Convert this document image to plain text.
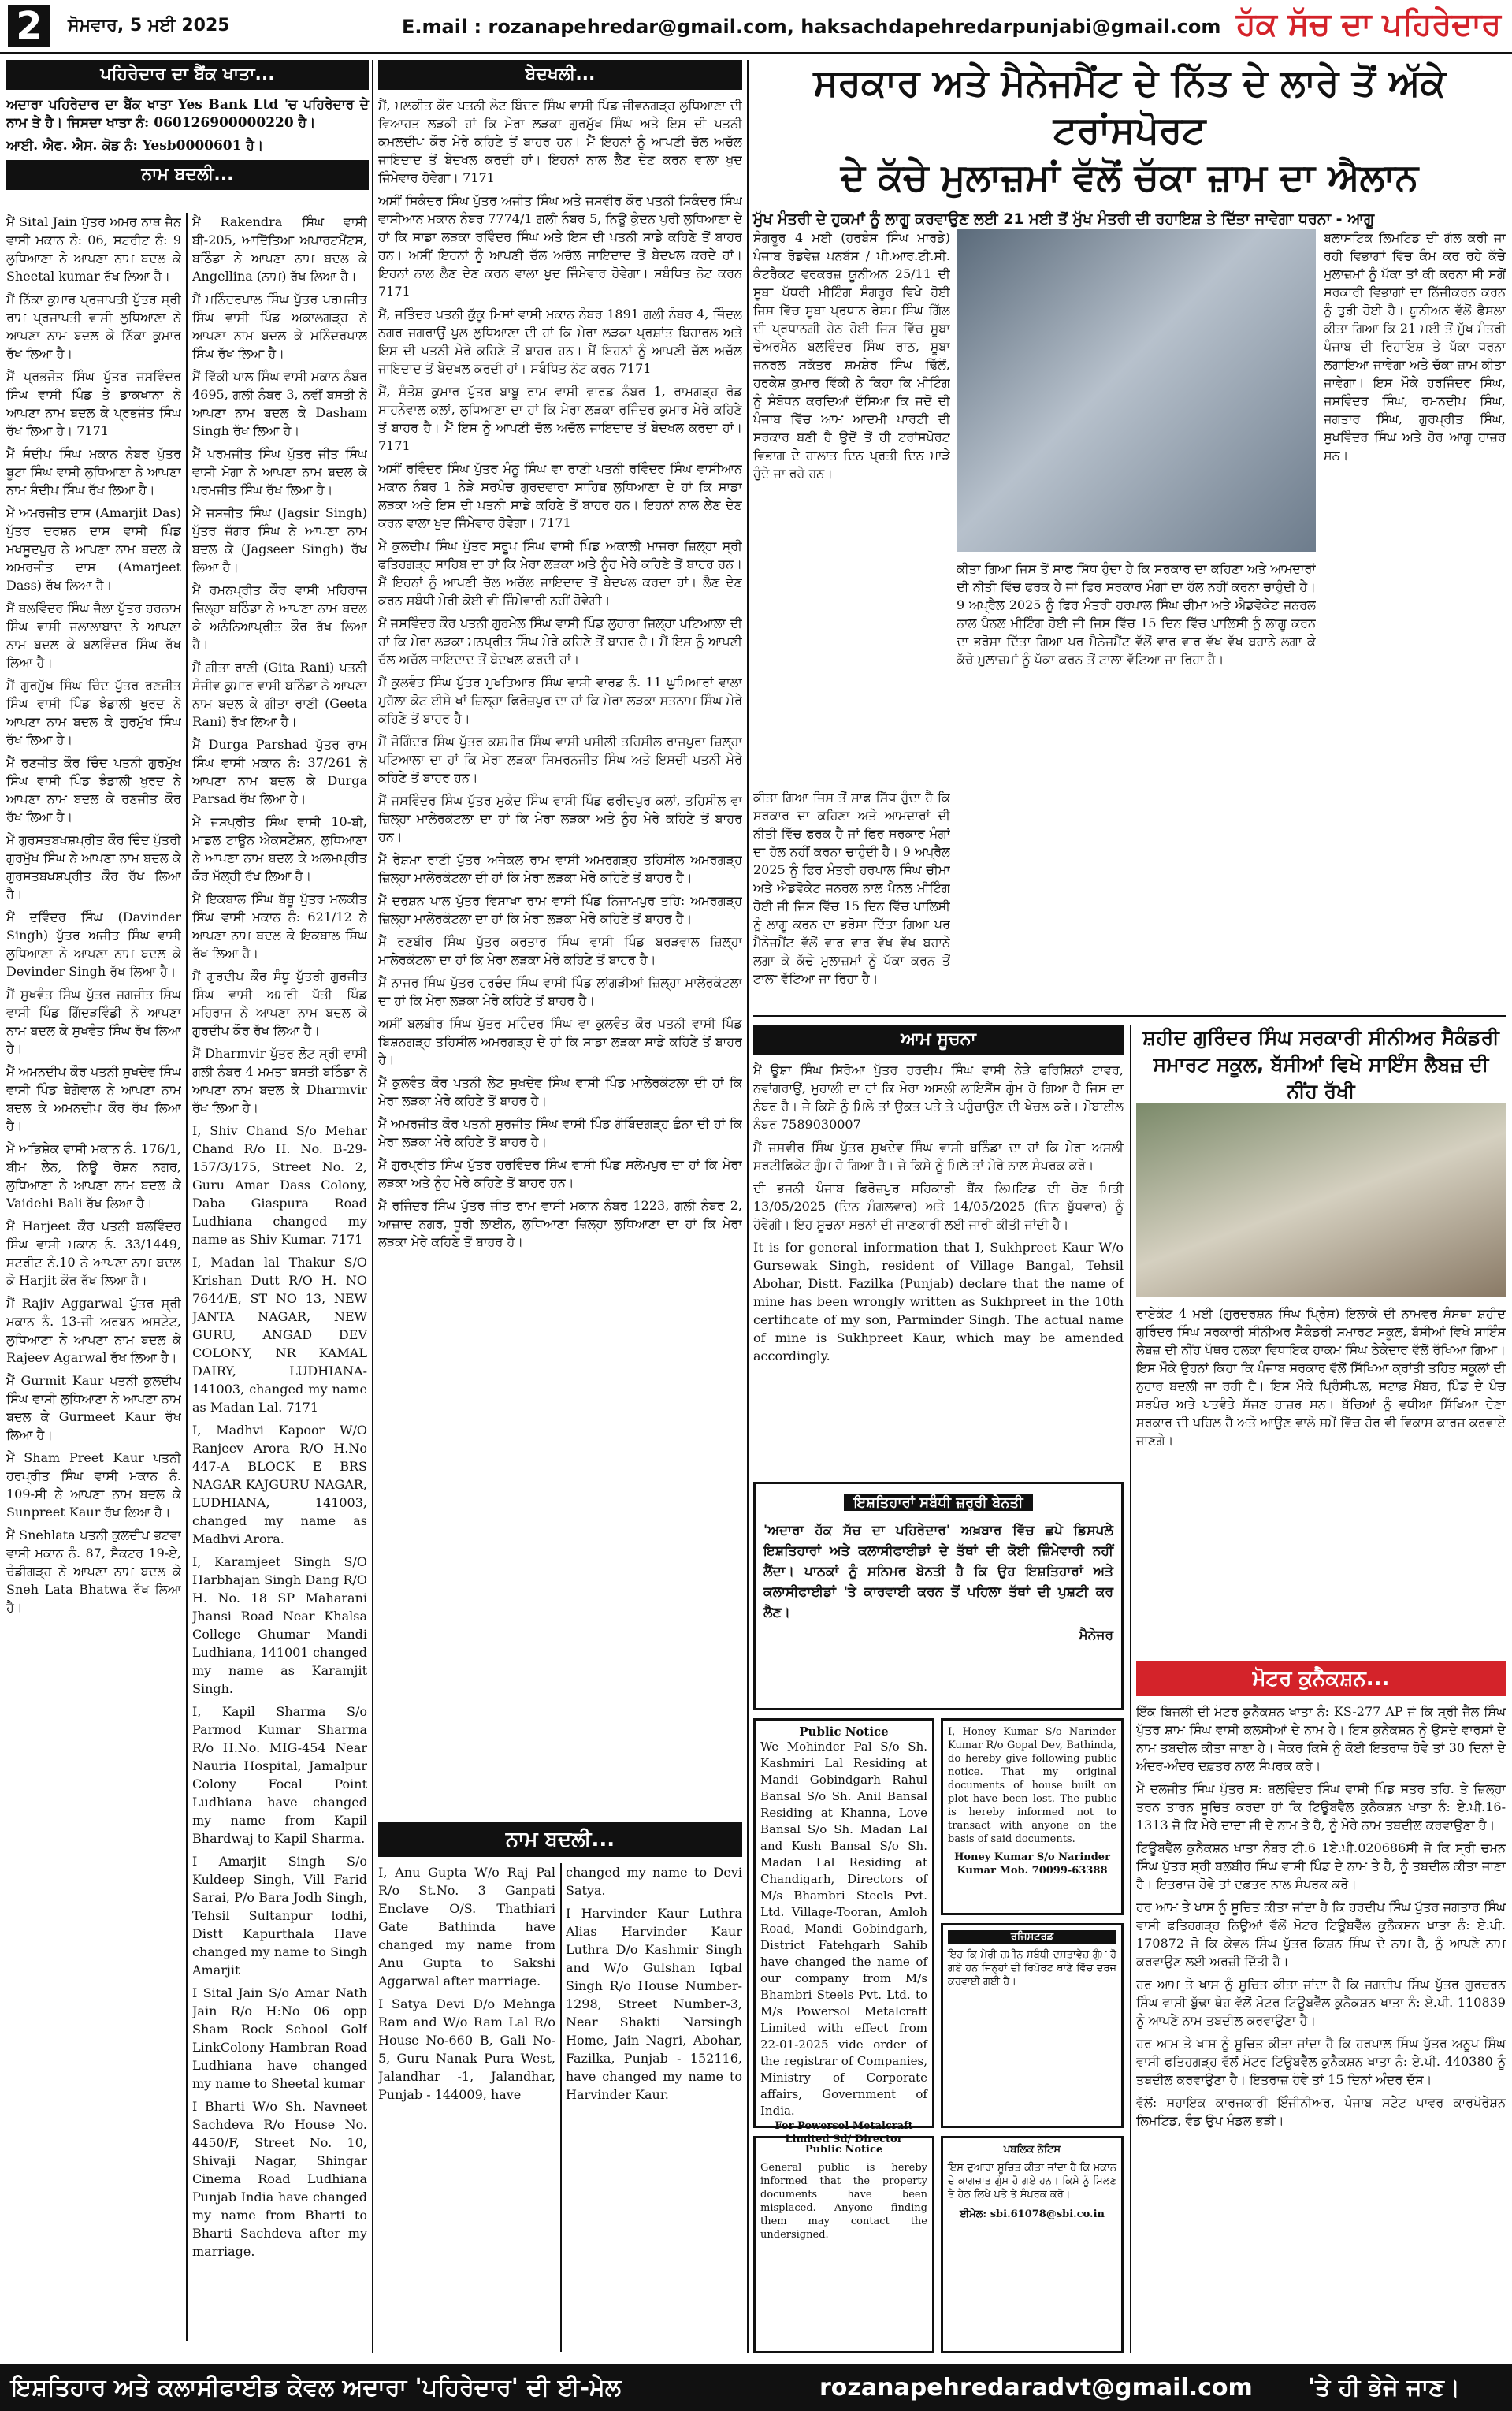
2	ਸੋਮਵਾਰ, 5 ਮਈ 2025	E.mail : rozanapehredar@gmail.com, haksachdapehredarpunjabi@gmail.com ਹੱਕ ਸੱਚ ਦਾ ਪਹਿਰੇਦਾਰ
ਪਹਿਰੇਦਾਰ ਦਾ ਬੈਂਕ ਖਾਤਾ...
ਅਦਾਰਾ ਪਹਿਰੇਦਾਰ ਦਾ ਬੈਂਕ ਖਾਤਾ Yes Bank Ltd 'ਚ ਪਹਿਰੇਦਾਰ ਦੇ ਨਾਮ ਤੇ ਹੈ। ਜਿਸਦਾ ਖਾਤਾ ਨੰ: 060126900000220 ਹੈ।
ਆਈ. ਐਫ. ਐਸ. ਕੋਡ ਨੰ: Yesb0000601 ਹੈ।
ਨਾਮ ਬਦਲੀ...
ਮੈਂ Sital Jain ਪੁੱਤਰ ਅਮਰ ਨਾਥ ਜੈਨ ਵਾਸੀ ਮਕਾਨ ਨੰ: 06, ਸਟਰੀਟ ਨੰ: 9 ਲੁਧਿਆਣਾ ਨੇ ਆਪਣਾ ਨਾਮ ਬਦਲ ਕੇ Sheetal kumar ਰੱਖ ਲਿਆ ਹੈ।
ਮੈਂ ਨਿੱਕਾ ਕੁਮਾਰ ਪ੍ਰਜਾਪਤੀ ਪੁੱਤਰ ਸ੍ਰੀ ਰਾਮ ਪ੍ਰਜਾਪਤੀ ਵਾਸੀ ਲੁਧਿਆਣਾ ਨੇ ਆਪਣਾ ਨਾਮ ਬਦਲ ਕੇ ਨਿੱਕਾ ਕੁਮਾਰ ਰੱਖ ਲਿਆ ਹੈ।
ਮੈਂ ਪ੍ਰਭਜੋਤ ਸਿੰਘ ਪੁੱਤਰ ਜਸਵਿੰਦਰ ਸਿੰਘ ਵਾਸੀ ਪਿੰਡ ਤੇ ਡਾਕਖਾਨਾ ਨੇ ਆਪਣਾ ਨਾਮ ਬਦਲ ਕੇ ਪ੍ਰਭਜੋਤ ਸਿੰਘ ਰੱਖ ਲਿਆ ਹੈ। 7171
ਮੈਂ ਸੰਦੀਪ ਸਿੰਘ ਮਕਾਨ ਨੰਬਰ ਪੁੱਤਰ ਬੂਟਾ ਸਿੰਘ ਵਾਸੀ ਲੁਧਿਆਣਾ ਨੇ ਆਪਣਾ ਨਾਮ ਸੰਦੀਪ ਸਿੰਘ ਰੱਖ ਲਿਆ ਹੈ।
ਮੈਂ ਅਮਰਜੀਤ ਦਾਸ (Amarjit Das) ਪੁੱਤਰ ਦਰਸ਼ਨ ਦਾਸ ਵਾਸੀ ਪਿੰਡ ਮਖਸੂਦਪੁਰ ਨੇ ਆਪਣਾ ਨਾਮ ਬਦਲ ਕੇ ਅਮਰਜੀਤ ਦਾਸ (Amarjeet Dass) ਰੱਖ ਲਿਆ ਹੈ।
ਮੈਂ ਬਲਵਿੰਦਰ ਸਿੰਘ ਜੈਲਾ ਪੁੱਤਰ ਹਰਨਾਮ ਸਿੰਘ ਵਾਸੀ ਜਲਾਲਾਬਾਦ ਨੇ ਆਪਣਾ ਨਾਮ ਬਦਲ ਕੇ ਬਲਵਿੰਦਰ ਸਿੰਘ ਰੱਖ ਲਿਆ ਹੈ।
ਮੈਂ ਗੁਰਮੁੱਖ ਸਿੰਘ ਚਿੰਦ ਪੁੱਤਰ ਰਣਜੀਤ ਸਿੰਘ ਵਾਸੀ ਪਿੰਡ ਝੰਡਾਲੀ ਖੁਰਦ ਨੇ ਆਪਣਾ ਨਾਮ ਬਦਲ ਕੇ ਗੁਰਮੁੱਖ ਸਿੰਘ ਰੱਖ ਲਿਆ ਹੈ।
ਮੈਂ ਰਣਜੀਤ ਕੌਰ ਚਿੰਦ ਪਤਨੀ ਗੁਰਮੁੱਖ ਸਿੰਘ ਵਾਸੀ ਪਿੰਡ ਝੰਡਾਲੀ ਖੁਰਦ ਨੇ ਆਪਣਾ ਨਾਮ ਬਦਲ ਕੇ ਰਣਜੀਤ ਕੌਰ ਰੱਖ ਲਿਆ ਹੈ।
ਮੈਂ ਗੁਰਸਤਬਖਸ਼ਪ੍ਰੀਤ ਕੌਰ ਚਿੰਦ ਪੁੱਤਰੀ ਗੁਰਮੁੱਖ ਸਿੰਘ ਨੇ ਆਪਣਾ ਨਾਮ ਬਦਲ ਕੇ ਗੁਰਸਤਬਖਸ਼ਪ੍ਰੀਤ ਕੌਰ ਰੱਖ ਲਿਆ ਹੈ।
ਮੈਂ ਦਵਿੰਦਰ ਸਿੰਘ (Davinder Singh) ਪੁੱਤਰ ਅਜੀਤ ਸਿੰਘ ਵਾਸੀ ਲੁਧਿਆਣਾ ਨੇ ਆਪਣਾ ਨਾਮ ਬਦਲ ਕੇ Devinder Singh ਰੱਖ ਲਿਆ ਹੈ।
ਮੈਂ ਸੁਖਵੰਤ ਸਿੰਘ ਪੁੱਤਰ ਜਗਜੀਤ ਸਿੰਘ ਵਾਸੀ ਪਿੰਡ ਗਿੱਦੜਵਿੰਡੀ ਨੇ ਆਪਣਾ ਨਾਮ ਬਦਲ ਕੇ ਸੁਖਵੰਤ ਸਿੰਘ ਰੱਖ ਲਿਆ ਹੈ।
ਮੈਂ ਅਮਨਦੀਪ ਕੌਰ ਪਤਨੀ ਸੁਖਦੇਵ ਸਿੰਘ ਵਾਸੀ ਪਿੰਡ ਬੇਗੋਵਾਲ ਨੇ ਆਪਣਾ ਨਾਮ ਬਦਲ ਕੇ ਅਮਨਦੀਪ ਕੌਰ ਰੱਖ ਲਿਆ ਹੈ।
ਮੈਂ ਅਭਿਸ਼ੇਕ ਵਾਸੀ ਮਕਾਨ ਨੰ. 176/1, ਬੀਮ ਲੇਨ, ਨਿਊ ਰੋਸ਼ਨ ਨਗਰ, ਲੁਧਿਆਣਾ ਨੇ ਆਪਣਾ ਨਾਮ ਬਦਲ ਕੇ Vaidehi Bali ਰੱਖ ਲਿਆ ਹੈ।
ਮੈਂ Harjeet ਕੌਰ ਪਤਨੀ ਬਲਵਿੰਦਰ ਸਿੰਘ ਵਾਸੀ ਮਕਾਨ ਨੰ. 33/1449, ਸਟਰੀਟ ਨੰ.10 ਨੇ ਆਪਣਾ ਨਾਮ ਬਦਲ ਕੇ Harjit ਕੌਰ ਰੱਖ ਲਿਆ ਹੈ।
ਮੈਂ Rajiv Aggarwal ਪੁੱਤਰ ਸ੍ਰੀ ਮਕਾਨ ਨੰ. 13-ਜੀ ਅਰਬਨ ਅਸਟੇਟ, ਲੁਧਿਆਣਾ ਨੇ ਆਪਣਾ ਨਾਮ ਬਦਲ ਕੇ Rajeev Agarwal ਰੱਖ ਲਿਆ ਹੈ।
ਮੈਂ Gurmit Kaur ਪਤਨੀ ਕੁਲਦੀਪ ਸਿੰਘ ਵਾਸੀ ਲੁਧਿਆਣਾ ਨੇ ਆਪਣਾ ਨਾਮ ਬਦਲ ਕੇ Gurmeet Kaur ਰੱਖ ਲਿਆ ਹੈ।
ਮੈਂ Sham Preet Kaur ਪਤਨੀ ਹਰਪ੍ਰੀਤ ਸਿੰਘ ਵਾਸੀ ਮਕਾਨ ਨੰ. 109-ਸੀ ਨੇ ਆਪਣਾ ਨਾਮ ਬਦਲ ਕੇ Sunpreet Kaur ਰੱਖ ਲਿਆ ਹੈ।
ਮੈਂ Snehlata ਪਤਨੀ ਕੁਲਦੀਪ ਭਟਵਾ ਵਾਸੀ ਮਕਾਨ ਨੰ. 87, ਸੈਕਟਰ 19-ਏ, ਚੰਡੀਗੜ੍ਹ ਨੇ ਆਪਣਾ ਨਾਮ ਬਦਲ ਕੇ Sneh Lata Bhatwa ਰੱਖ ਲਿਆ ਹੈ।
ਮੈਂ Rakendra ਸਿੰਘ ਵਾਸੀ ਬੀ-205, ਆਦਿੱਤਿਆ ਅਪਾਰਟਮੈਂਟਸ, ਬਠਿੰਡਾ ਨੇ ਆਪਣਾ ਨਾਮ ਬਦਲ ਕੇ Angellina (ਨਾਮ) ਰੱਖ ਲਿਆ ਹੈ।
ਮੈਂ ਮਨਿੰਦਰਪਾਲ ਸਿੰਘ ਪੁੱਤਰ ਪਰਮਜੀਤ ਸਿੰਘ ਵਾਸੀ ਪਿੰਡ ਅਕਾਲਗੜ੍ਹ ਨੇ ਆਪਣਾ ਨਾਮ ਬਦਲ ਕੇ ਮਨਿੰਦਰਪਾਲ ਸਿੰਘ ਰੱਖ ਲਿਆ ਹੈ।
ਮੈਂ ਵਿੱਕੀ ਪਾਲ ਸਿੰਘ ਵਾਸੀ ਮਕਾਨ ਨੰਬਰ 4695, ਗਲੀ ਨੰਬਰ 3, ਨਵੀਂ ਬਸਤੀ ਨੇ ਆਪਣਾ ਨਾਮ ਬਦਲ ਕੇ Dasham Singh ਰੱਖ ਲਿਆ ਹੈ।
ਮੈਂ ਪਰਮਜੀਤ ਸਿੰਘ ਪੁੱਤਰ ਜੀਤ ਸਿੰਘ ਵਾਸੀ ਮੋਗਾ ਨੇ ਆਪਣਾ ਨਾਮ ਬਦਲ ਕੇ ਪਰਮਜੀਤ ਸਿੰਘ ਰੱਖ ਲਿਆ ਹੈ।
ਮੈਂ ਜਸਜੀਤ ਸਿੰਘ (Jagsir Singh) ਪੁੱਤਰ ਜੱਗਰ ਸਿੰਘ ਨੇ ਆਪਣਾ ਨਾਮ ਬਦਲ ਕੇ (Jagseer Singh) ਰੱਖ ਲਿਆ ਹੈ।
ਮੈਂ ਰਮਨਪ੍ਰੀਤ ਕੌਰ ਵਾਸੀ ਮਹਿਰਾਜ ਜ਼ਿਲ੍ਹਾ ਬਠਿੰਡਾ ਨੇ ਆਪਣਾ ਨਾਮ ਬਦਲ ਕੇ ਅਨੰਨਿਆਪ੍ਰੀਤ ਕੌਰ ਰੱਖ ਲਿਆ ਹੈ।
ਮੈਂ ਗੀਤਾ ਰਾਣੀ (Gita Rani) ਪਤਨੀ ਸੰਜੀਵ ਕੁਮਾਰ ਵਾਸੀ ਬਠਿੰਡਾ ਨੇ ਆਪਣਾ ਨਾਮ ਬਦਲ ਕੇ ਗੀਤਾ ਰਾਣੀ (Geeta Rani) ਰੱਖ ਲਿਆ ਹੈ।
ਮੈਂ Durga Parshad ਪੁੱਤਰ ਰਾਮ ਸਿੰਘ ਵਾਸੀ ਮਕਾਨ ਨੰ: 37/261 ਨੇ ਆਪਣਾ ਨਾਮ ਬਦਲ ਕੇ Durga Parsad ਰੱਖ ਲਿਆ ਹੈ।
ਮੈਂ ਜਸਪ੍ਰੀਤ ਸਿੰਘ ਵਾਸੀ 10-ਬੀ, ਮਾਡਲ ਟਾਊਨ ਐਕਸਟੈਂਸ਼ਨ, ਲੁਧਿਆਣਾ ਨੇ ਆਪਣਾ ਨਾਮ ਬਦਲ ਕੇ ਅਲਮਪ੍ਰੀਤ ਕੌਰ ਮੱਲ੍ਹੀ ਰੱਖ ਲਿਆ ਹੈ।
ਮੈਂ ਇਕਬਾਲ ਸਿੰਘ ਬੱਬੂ ਪੁੱਤਰ ਮਲਕੀਤ ਸਿੰਘ ਵਾਸੀ ਮਕਾਨ ਨੰ: 621/12 ਨੇ ਆਪਣਾ ਨਾਮ ਬਦਲ ਕੇ ਇਕਬਾਲ ਸਿੰਘ ਰੱਖ ਲਿਆ ਹੈ।
ਮੈਂ ਗੁਰਦੀਪ ਕੌਰ ਸੰਧੂ ਪੁੱਤਰੀ ਗੁਰਜੀਤ ਸਿੰਘ ਵਾਸੀ ਅਮਰੀ ਪੱਤੀ ਪਿੰਡ ਮਹਿਰਾਜ ਨੇ ਆਪਣਾ ਨਾਮ ਬਦਲ ਕੇ ਗੁਰਦੀਪ ਕੌਰ ਰੱਖ ਲਿਆ ਹੈ।
ਮੈਂ Dharmvir ਪੁੱਤਰ ਲੋਟ ਸ੍ਰੀ ਵਾਸੀ ਗਲੀ ਨੰਬਰ 4 ਮਮਤਾ ਬਸਤੀ ਬਠਿੰਡਾ ਨੇ ਆਪਣਾ ਨਾਮ ਬਦਲ ਕੇ Dharmvir ਰੱਖ ਲਿਆ ਹੈ।
I, Shiv Chand S/o Mehar Chand R/o H. No. B-29-157/3/175, Street No. 2, Guru Amar Dass Colony, Daba Giaspura Road Ludhiana changed my name as Shiv Kumar. 7171
I, Madan lal Thakur S/O Krishan Dutt R/O H. NO 7644/E, ST NO 13, NEW JANTA NAGAR, NEW GURU, ANGAD DEV COLONY, NR KAMAL DAIRY, LUDHIANA-141003, changed my name as Madan Lal. 7171
I, Madhvi Kapoor W/O Ranjeev Arora R/O H.No 447-A BLOCK E BRS NAGAR KAJGURU NAGAR, LUDHIANA, 141003, changed my name as Madhvi Arora.
I, Karamjeet Singh S/O Harbhajan Singh Dang R/O H. No. 18 SP Maharani Jhansi Road Near Khalsa College Ghumar Mandi Ludhiana, 141001 changed my name as Karamjit Singh.
I, Kapil Sharma S/o Parmod Kumar Sharma R/o H.No. MIG-454 Near Nauria Hospital, Jamalpur Colony Focal Point Ludhiana have changed my name from Kapil Bhardwaj to Kapil Sharma.
I Amarjit Singh S/o Kuldeep Singh, Vill Farid Sarai, P/o Bara Jodh Singh, Tehsil Sultanpur lodhi, Distt Kapurthala Have changed my name to Singh Amarjit
I Sital Jain S/o Amar Nath Jain R/o H:No 06 opp Sham Rock School Golf LinkColony Hambran Road Ludhiana have changed my name to Sheetal kumar
I Bharti W/o Sh. Navneet Sachdeva R/o House No. 4450/F, Street No. 10, Shivaji Nagar, Shingar Cinema Road Ludhiana Punjab India have changed my name from Bharti to Bharti Sachdeva after my marriage.
ਬੇਦਖਲੀ...
ਮੈਂ, ਮਲਕੀਤ ਕੌਰ ਪਤਨੀ ਲੇਟ ਬਿੰਦਰ ਸਿੰਘ ਵਾਸੀ ਪਿੰਡ ਜੀਵਨਗੜ੍ਹ ਲੁਧਿਆਣਾ ਦੀ ਵਿਆਹਤ ਲੜਕੀ ਹਾਂ ਕਿ ਮੇਰਾ ਲੜਕਾ ਗੁਰਮੁੱਖ ਸਿੰਘ ਅਤੇ ਇਸ ਦੀ ਪਤਨੀ ਕਮਲਦੀਪ ਕੌਰ ਮੇਰੇ ਕਹਿਣੇ ਤੋਂ ਬਾਹਰ ਹਨ। ਮੈਂ ਇਹਨਾਂ ਨੂੰ ਆਪਣੀ ਚੱਲ ਅਚੱਲ ਜਾਇਦਾਦ ਤੋਂ ਬੇਦਖਲ ਕਰਦੀ ਹਾਂ। ਇਹਨਾਂ ਨਾਲ ਲੈਣ ਦੇਣ ਕਰਨ ਵਾਲਾ ਖੁਦ ਜਿੰਮੇਵਾਰ ਹੋਵੇਗਾ। 7171
ਅਸੀਂ ਸਿਕੰਦਰ ਸਿੰਘ ਪੁੱਤਰ ਅਜੀਤ ਸਿੰਘ ਅਤੇ ਜਸਵੀਰ ਕੌਰ ਪਤਨੀ ਸਿਕੰਦਰ ਸਿੰਘ ਵਾਸੀਆਨ ਮਕਾਨ ਨੰਬਰ 7774/1 ਗਲੀ ਨੰਬਰ 5, ਨਿਊ ਕੁੰਦਨ ਪੁਰੀ ਲੁਧਿਆਣਾ ਦੇ ਹਾਂ ਕਿ ਸਾਡਾ ਲੜਕਾ ਰਵਿੰਦਰ ਸਿੰਘ ਅਤੇ ਇਸ ਦੀ ਪਤਨੀ ਸਾਡੇ ਕਹਿਣੇ ਤੋਂ ਬਾਹਰ ਹਨ। ਅਸੀਂ ਇਹਨਾਂ ਨੂੰ ਆਪਣੀ ਚੱਲ ਅਚੱਲ ਜਾਇਦਾਦ ਤੋਂ ਬੇਦਖਲ ਕਰਦੇ ਹਾਂ। ਇਹਨਾਂ ਨਾਲ ਲੈਣ ਦੇਣ ਕਰਨ ਵਾਲਾ ਖੁਦ ਜਿੰਮੇਵਾਰ ਹੋਵੇਗਾ। ਸਬੰਧਿਤ ਨੋਟ ਕਰਨ 7171
ਮੈਂ, ਜਤਿੰਦਰ ਪਤਨੀ ਕੁੱਕੂ ਮਿਸਾਂ ਵਾਸੀ ਮਕਾਨ ਨੰਬਰ 1891 ਗਲੀ ਨੰਬਰ 4, ਜਿੰਦਲ ਨਗਰ ਜਗਰਾਉਂ ਪੁਲ ਲੁਧਿਆਣਾ ਦੀ ਹਾਂ ਕਿ ਮੇਰਾ ਲੜਕਾ ਪ੍ਰਸ਼ਾਂਤ ਬਿਹਾਰਲ ਅਤੇ ਇਸ ਦੀ ਪਤਨੀ ਮੇਰੇ ਕਹਿਣੇ ਤੋਂ ਬਾਹਰ ਹਨ। ਮੈਂ ਇਹਨਾਂ ਨੂੰ ਆਪਣੀ ਚੱਲ ਅਚੱਲ ਜਾਇਦਾਦ ਤੋਂ ਬੇਦਖਲ ਕਰਦੀ ਹਾਂ। ਸਬੰਧਿਤ ਨੋਟ ਕਰਨ 7171
ਮੈਂ, ਸੰਤੋਸ਼ ਕੁਮਾਰ ਪੁੱਤਰ ਬਾਬੂ ਰਾਮ ਵਾਸੀ ਵਾਰਡ ਨੰਬਰ 1, ਰਾਮਗੜ੍ਹ ਰੋਡ ਸਾਹਨੇਵਾਲ ਕਲਾਂ, ਲੁਧਿਆਣਾ ਦਾ ਹਾਂ ਕਿ ਮੇਰਾ ਲੜਕਾ ਰਜਿੰਦਰ ਕੁਮਾਰ ਮੇਰੇ ਕਹਿਣੇ ਤੋਂ ਬਾਹਰ ਹੈ। ਮੈਂ ਇਸ ਨੂੰ ਆਪਣੀ ਚੱਲ ਅਚੱਲ ਜਾਇਦਾਦ ਤੋਂ ਬੇਦਖਲ ਕਰਦਾ ਹਾਂ। 7171
ਅਸੀਂ ਰਵਿੰਦਰ ਸਿੰਘ ਪੁੱਤਰ ਮੰਨੂ ਸਿੰਘ ਵਾ ਰਾਣੀ ਪਤਨੀ ਰਵਿੰਦਰ ਸਿੰਘ ਵਾਸੀਆਨ ਮਕਾਨ ਨੰਬਰ 1 ਨੇੜੇ ਸਰਪੰਚ ਗੁਰਦਵਾਰਾ ਸਾਹਿਬ ਲੁਧਿਆਣਾ ਦੇ ਹਾਂ ਕਿ ਸਾਡਾ ਲੜਕਾ ਅਤੇ ਇਸ ਦੀ ਪਤਨੀ ਸਾਡੇ ਕਹਿਣੇ ਤੋਂ ਬਾਹਰ ਹਨ। ਇਹਨਾਂ ਨਾਲ ਲੈਣ ਦੇਣ ਕਰਨ ਵਾਲਾ ਖੁਦ ਜਿੰਮੇਵਾਰ ਹੋਵੇਗਾ। 7171
ਮੈਂ ਕੁਲਦੀਪ ਸਿੰਘ ਪੁੱਤਰ ਸਰੂਪ ਸਿੰਘ ਵਾਸੀ ਪਿੰਡ ਅਕਾਲੀ ਮਾਜਰਾ ਜ਼ਿਲ੍ਹਾ ਸ੍ਰੀ ਫਤਿਹਗੜ੍ਹ ਸਾਹਿਬ ਦਾ ਹਾਂ ਕਿ ਮੇਰਾ ਲੜਕਾ ਅਤੇ ਨੂੰਹ ਮੇਰੇ ਕਹਿਣੇ ਤੋਂ ਬਾਹਰ ਹਨ। ਮੈਂ ਇਹਨਾਂ ਨੂੰ ਆਪਣੀ ਚੱਲ ਅਚੱਲ ਜਾਇਦਾਦ ਤੋਂ ਬੇਦਖਲ ਕਰਦਾ ਹਾਂ। ਲੈਣ ਦੇਣ ਕਰਨ ਸਬੰਧੀ ਮੇਰੀ ਕੋਈ ਵੀ ਜਿੰਮੇਵਾਰੀ ਨਹੀਂ ਹੋਵੇਗੀ।
ਮੈਂ ਜਸਵਿੰਦਰ ਕੌਰ ਪਤਨੀ ਗੁਰਮੇਲ ਸਿੰਘ ਵਾਸੀ ਪਿੰਡ ਲੁਹਾਰਾ ਜ਼ਿਲ੍ਹਾ ਪਟਿਆਲਾ ਦੀ ਹਾਂ ਕਿ ਮੇਰਾ ਲੜਕਾ ਮਨਪ੍ਰੀਤ ਸਿੰਘ ਮੇਰੇ ਕਹਿਣੇ ਤੋਂ ਬਾਹਰ ਹੈ। ਮੈਂ ਇਸ ਨੂੰ ਆਪਣੀ ਚੱਲ ਅਚੱਲ ਜਾਇਦਾਦ ਤੋਂ ਬੇਦਖਲ ਕਰਦੀ ਹਾਂ।
ਮੈਂ ਕੁਲਵੰਤ ਸਿੰਘ ਪੁੱਤਰ ਮੁਖਤਿਆਰ ਸਿੰਘ ਵਾਸੀ ਵਾਰਡ ਨੰ. 11 ਘੁਮਿਆਰਾਂ ਵਾਲਾ ਮੁਹੱਲਾ ਕੋਟ ਈਸੇ ਖਾਂ ਜ਼ਿਲ੍ਹਾ ਫਿਰੋਜ਼ਪੁਰ ਦਾ ਹਾਂ ਕਿ ਮੇਰਾ ਲੜਕਾ ਸਤਨਾਮ ਸਿੰਘ ਮੇਰੇ ਕਹਿਣੇ ਤੋਂ ਬਾਹਰ ਹੈ।
ਮੈਂ ਜੋਗਿੰਦਰ ਸਿੰਘ ਪੁੱਤਰ ਕਸ਼ਮੀਰ ਸਿੰਘ ਵਾਸੀ ਪਸੀਲੀ ਤਹਿਸੀਲ ਰਾਜਪੁਰਾ ਜ਼ਿਲ੍ਹਾ ਪਟਿਆਲਾ ਦਾ ਹਾਂ ਕਿ ਮੇਰਾ ਲੜਕਾ ਸਿਮਰਨਜੀਤ ਸਿੰਘ ਅਤੇ ਇਸਦੀ ਪਤਨੀ ਮੇਰੇ ਕਹਿਣੇ ਤੋਂ ਬਾਹਰ ਹਨ।
ਮੈਂ ਜਸਵਿੰਦਰ ਸਿੰਘ ਪੁੱਤਰ ਮੁਕੰਦ ਸਿੰਘ ਵਾਸੀ ਪਿੰਡ ਫਰੀਦਪੁਰ ਕਲਾਂ, ਤਹਿਸੀਲ ਵਾ ਜ਼ਿਲ੍ਹਾ ਮਾਲੇਰਕੋਟਲਾ ਦਾ ਹਾਂ ਕਿ ਮੇਰਾ ਲੜਕਾ ਅਤੇ ਨੂੰਹ ਮੇਰੇ ਕਹਿਣੇ ਤੋਂ ਬਾਹਰ ਹਨ।
ਮੈਂ ਰੇਸ਼ਮਾ ਰਾਣੀ ਪੁੱਤਰ ਅਜੇਕਲ ਰਾਮ ਵਾਸੀ ਅਮਰਗੜ੍ਹ ਤਹਿਸੀਲ ਅਮਰਗੜ੍ਹ ਜ਼ਿਲ੍ਹਾ ਮਾਲੇਰਕੋਟਲਾ ਦੀ ਹਾਂ ਕਿ ਮੇਰਾ ਲੜਕਾ ਮੇਰੇ ਕਹਿਣੇ ਤੋਂ ਬਾਹਰ ਹੈ।
ਮੈਂ ਦਰਸ਼ਨ ਪਾਲ ਪੁੱਤਰ ਵਿਸਾਖਾ ਰਾਮ ਵਾਸੀ ਪਿੰਡ ਨਿਜਾਮਪੁਰ ਤਹਿ: ਅਮਰਗੜ੍ਹ ਜ਼ਿਲ੍ਹਾ ਮਾਲੇਰਕੋਟਲਾ ਦਾ ਹਾਂ ਕਿ ਮੇਰਾ ਲੜਕਾ ਮੇਰੇ ਕਹਿਣੇ ਤੋਂ ਬਾਹਰ ਹੈ।
ਮੈਂ ਰਣਬੀਰ ਸਿੰਘ ਪੁੱਤਰ ਕਰਤਾਰ ਸਿੰਘ ਵਾਸੀ ਪਿੰਡ ਬਰੜਵਾਲ ਜ਼ਿਲ੍ਹਾ ਮਾਲੇਰਕੋਟਲਾ ਦਾ ਹਾਂ ਕਿ ਮੇਰਾ ਲੜਕਾ ਮੇਰੇ ਕਹਿਣੇ ਤੋਂ ਬਾਹਰ ਹੈ।
ਮੈਂ ਨਾਜਰ ਸਿੰਘ ਪੁੱਤਰ ਹਰਚੰਦ ਸਿੰਘ ਵਾਸੀ ਪਿੰਡ ਲਾਂਗੜੀਆਂ ਜ਼ਿਲ੍ਹਾ ਮਾਲੇਰਕੋਟਲਾ ਦਾ ਹਾਂ ਕਿ ਮੇਰਾ ਲੜਕਾ ਮੇਰੇ ਕਹਿਣੇ ਤੋਂ ਬਾਹਰ ਹੈ।
ਅਸੀਂ ਬਲਬੀਰ ਸਿੰਘ ਪੁੱਤਰ ਮਹਿੰਦਰ ਸਿੰਘ ਵਾ ਕੁਲਵੰਤ ਕੌਰ ਪਤਨੀ ਵਾਸੀ ਪਿੰਡ ਬਿਸ਼ਨਗੜ੍ਹ ਤਹਿਸੀਲ ਅਮਰਗੜ੍ਹ ਦੇ ਹਾਂ ਕਿ ਸਾਡਾ ਲੜਕਾ ਸਾਡੇ ਕਹਿਣੇ ਤੋਂ ਬਾਹਰ ਹੈ।
ਮੈਂ ਕੁਲਵੰਤ ਕੌਰ ਪਤਨੀ ਲੇਟ ਸੁਖਦੇਵ ਸਿੰਘ ਵਾਸੀ ਪਿੰਡ ਮਾਲੇਰਕੋਟਲਾ ਦੀ ਹਾਂ ਕਿ ਮੇਰਾ ਲੜਕਾ ਮੇਰੇ ਕਹਿਣੇ ਤੋਂ ਬਾਹਰ ਹੈ।
ਮੈਂ ਅਮਰਜੀਤ ਕੌਰ ਪਤਨੀ ਸੁਰਜੀਤ ਸਿੰਘ ਵਾਸੀ ਪਿੰਡ ਗੋਬਿੰਦਗੜ੍ਹ ਛੰਨਾ ਦੀ ਹਾਂ ਕਿ ਮੇਰਾ ਲੜਕਾ ਮੇਰੇ ਕਹਿਣੇ ਤੋਂ ਬਾਹਰ ਹੈ।
ਮੈਂ ਗੁਰਪ੍ਰੀਤ ਸਿੰਘ ਪੁੱਤਰ ਹਰਵਿੰਦਰ ਸਿੰਘ ਵਾਸੀ ਪਿੰਡ ਸਲੇਮਪੁਰ ਦਾ ਹਾਂ ਕਿ ਮੇਰਾ ਲੜਕਾ ਅਤੇ ਨੂੰਹ ਮੇਰੇ ਕਹਿਣੇ ਤੋਂ ਬਾਹਰ ਹਨ।
ਮੈਂ ਰਜਿੰਦਰ ਸਿੰਘ ਪੁੱਤਰ ਜੀਤ ਰਾਮ ਵਾਸੀ ਮਕਾਨ ਨੰਬਰ 1223, ਗਲੀ ਨੰਬਰ 2, ਆਜ਼ਾਦ ਨਗਰ, ਧੂਰੀ ਲਾਈਨ, ਲੁਧਿਆਣਾ ਜ਼ਿਲ੍ਹਾ ਲੁਧਿਆਣਾ ਦਾ ਹਾਂ ਕਿ ਮੇਰਾ ਲੜਕਾ ਮੇਰੇ ਕਹਿਣੇ ਤੋਂ ਬਾਹਰ ਹੈ।
ਨਾਮ ਬਦਲੀ...
I, Anu Gupta W/o Raj Pal R/o St.No. 3 Ganpati Enclave O/S. Thathiari Gate Bathinda have changed my name from Anu Gupta to Sakshi Aggarwal after marriage.
I Satya Devi D/o Mehnga Ram and W/o Ram Lal R/o House No-660 B, Gali No-5, Guru Nanak Pura West, Jalandhar -1, Jalandhar, Punjab - 144009, have
changed my name to Devi Satya.
I Harvinder Kaur Luthra Alias Harvinder Kaur Luthra D/o Kashmir Singh and W/o Gulshan Iqbal Singh R/o House Number-1298, Street Number-3, Near Shakti Narsingh Home, Jain Nagri, Abohar, Fazilka, Punjab - 152116, have changed my name to Harvinder Kaur.
ਸਰਕਾਰ ਅਤੇ ਮੈਨੇਜਮੈਂਟ ਦੇ ਨਿੱਤ ਦੇ ਲਾਰੇ ਤੋਂ ਅੱਕੇ ਟਰਾਂਸਪੋਰਟ
ਦੇ ਕੱਚੇ ਮੁਲਾਜ਼ਮਾਂ ਵੱਲੋਂ ਚੱਕਾ ਜ਼ਾਮ ਦਾ ਐਲਾਨ
ਮੁੱਖ ਮੰਤਰੀ ਦੇ ਹੁਕਮਾਂ ਨੂੰ ਲਾਗੂ ਕਰਵਾਉਣ ਲਈ 21 ਮਈ ਤੋਂ ਮੁੱਖ ਮੰਤਰੀ ਦੀ ਰਹਾਇਸ਼ ਤੇ ਦਿੱਤਾ ਜਾਵੇਗਾ ਧਰਨਾ - ਆਗੂ
ਸੰਗਰੂਰ 4 ਮਈ (ਹਰਬੰਸ ਸਿੰਘ ਮਾਰਡੇ) ਪੰਜਾਬ ਰੋਡਵੇਜ਼ ਪਨਬੱਸ / ਪੀ.ਆਰ.ਟੀ.ਸੀ. ਕੰਟਰੈਕਟ ਵਰਕਰਜ਼ ਯੂਨੀਅਨ 25/11 ਦੀ ਸੂਬਾ ਪੱਧਰੀ ਮੀਟਿੰਗ ਸੰਗਰੂਰ ਵਿਖੇ ਹੋਈ ਜਿਸ ਵਿੱਚ ਸੂਬਾ ਪ੍ਰਧਾਨ ਰੇਸ਼ਮ ਸਿੰਘ ਗਿੱਲ ਦੀ ਪ੍ਰਧਾਨਗੀ ਹੇਠ ਹੋਈ ਜਿਸ ਵਿੱਚ ਸੂਬਾ ਚੇਅਰਮੈਨ ਬਲਵਿੰਦਰ ਸਿੰਘ ਰਾਠ, ਸੂਬਾ ਜਨਰਲ ਸਕੱਤਰ ਸ਼ਮਸ਼ੇਰ ਸਿੰਘ ਢਿੱਲੋਂ, ਹਰਕੇਸ਼ ਕੁਮਾਰ ਵਿੱਕੀ ਨੇ ਕਿਹਾ ਕਿ ਮੀਟਿੰਗ ਨੂੰ ਸੰਬੋਧਨ ਕਰਦਿਆਂ ਦੱਸਿਆ ਕਿ ਜਦੋਂ ਦੀ ਪੰਜਾਬ ਵਿੱਚ ਆਮ ਆਦਮੀ ਪਾਰਟੀ ਦੀ ਸਰਕਾਰ ਬਣੀ ਹੈ ਉਦੋਂ ਤੋਂ ਹੀ ਟਰਾਂਸਪੋਰਟ ਵਿਭਾਗ ਦੇ ਹਾਲਾਤ ਦਿਨ ਪ੍ਰਤੀ ਦਿਨ ਮਾੜੇ ਹੁੰਦੇ ਜਾ ਰਹੇ ਹਨ।
ਕੀਤਾ ਗਿਆ ਜਿਸ ਤੋਂ ਸਾਫ ਸਿੱਧ ਹੁੰਦਾ ਹੈ ਕਿ ਸਰਕਾਰ ਦਾ ਕਹਿਣਾ ਅਤੇ ਆਮਦਾਰਾਂ ਦੀ ਨੀਤੀ ਵਿੱਚ ਫਰਕ ਹੈ ਜਾਂ ਫਿਰ ਸਰਕਾਰ ਮੰਗਾਂ ਦਾ ਹੱਲ ਨਹੀਂ ਕਰਨਾ ਚਾਹੁੰਦੀ ਹੈ। 9 ਅਪ੍ਰੈਲ 2025 ਨੂੰ ਫਿਰ ਮੰਤਰੀ ਹਰਪਾਲ ਸਿੰਘ ਚੀਮਾ ਅਤੇ ਐਡਵੋਕੇਟ ਜਨਰਲ ਨਾਲ ਪੈਨਲ ਮੀਟਿੰਗ ਹੋਈ ਜੀ ਜਿਸ ਵਿੱਚ 15 ਦਿਨ ਵਿੱਚ ਪਾਲਿਸੀ ਨੂੰ ਲਾਗੂ ਕਰਨ ਦਾ ਭਰੋਸਾ ਦਿੱਤਾ ਗਿਆ ਪਰ ਮੈਨੇਜਮੈਂਟ ਵੱਲੋਂ ਵਾਰ ਵਾਰ ਵੱਖ ਵੱਖ ਬਹਾਨੇ ਲਗਾ ਕੇ ਕੱਚੇ ਮੁਲਾਜ਼ਮਾਂ ਨੂੰ ਪੱਕਾ ਕਰਨ ਤੋਂ ਟਾਲਾ ਵੱਟਿਆ ਜਾ ਰਿਹਾ ਹੈ।
ਬਲਾਸਟਿਕ ਲਿਮਟਿਡ ਦੀ ਗੱਲ ਕਰੀ ਜਾ ਰਹੀ ਵਿਭਾਗਾਂ ਵਿੱਚ ਕੰਮ ਕਰ ਰਹੇ ਕੱਚੇ ਮੁਲਾਜ਼ਮਾਂ ਨੂੰ ਪੱਕਾ ਤਾਂ ਕੀ ਕਰਨਾ ਸੀ ਸਗੋਂ ਸਰਕਾਰੀ ਵਿਭਾਗਾਂ ਦਾ ਨਿੱਜੀਕਰਨ ਕਰਨ ਨੂੰ ਤੁਰੀ ਹੋਈ ਹੈ। ਯੂਨੀਅਨ ਵੱਲੋਂ ਫੈਸਲਾ ਕੀਤਾ ਗਿਆ ਕਿ 21 ਮਈ ਤੋਂ ਮੁੱਖ ਮੰਤਰੀ ਪੰਜਾਬ ਦੀ ਰਿਹਾਇਸ਼ ਤੇ ਪੱਕਾ ਧਰਨਾ ਲਗਾਇਆ ਜਾਵੇਗਾ ਅਤੇ ਚੱਕਾ ਜ਼ਾਮ ਕੀਤਾ ਜਾਵੇਗਾ। ਇਸ ਮੌਕੇ ਹਰਜਿੰਦਰ ਸਿੰਘ, ਜਸਵਿੰਦਰ ਸਿੰਘ, ਰਮਨਦੀਪ ਸਿੰਘ, ਜਗਤਾਰ ਸਿੰਘ, ਗੁਰਪ੍ਰੀਤ ਸਿੰਘ, ਸੁਖਵਿੰਦਰ ਸਿੰਘ ਅਤੇ ਹੋਰ ਆਗੂ ਹਾਜ਼ਰ ਸਨ।
ਕੀਤਾ ਗਿਆ ਜਿਸ ਤੋਂ ਸਾਫ ਸਿੱਧ ਹੁੰਦਾ ਹੈ ਕਿ ਸਰਕਾਰ ਦਾ ਕਹਿਣਾ ਅਤੇ ਆਮਦਾਰਾਂ ਦੀ ਨੀਤੀ ਵਿੱਚ ਫਰਕ ਹੈ ਜਾਂ ਫਿਰ ਸਰਕਾਰ ਮੰਗਾਂ ਦਾ ਹੱਲ ਨਹੀਂ ਕਰਨਾ ਚਾਹੁੰਦੀ ਹੈ। 9 ਅਪ੍ਰੈਲ 2025 ਨੂੰ ਫਿਰ ਮੰਤਰੀ ਹਰਪਾਲ ਸਿੰਘ ਚੀਮਾ ਅਤੇ ਐਡਵੋਕੇਟ ਜਨਰਲ ਨਾਲ ਪੈਨਲ ਮੀਟਿੰਗ ਹੋਈ ਜੀ ਜਿਸ ਵਿੱਚ 15 ਦਿਨ ਵਿੱਚ ਪਾਲਿਸੀ ਨੂੰ ਲਾਗੂ ਕਰਨ ਦਾ ਭਰੋਸਾ ਦਿੱਤਾ ਗਿਆ ਪਰ ਮੈਨੇਜਮੈਂਟ ਵੱਲੋਂ ਵਾਰ ਵਾਰ ਵੱਖ ਵੱਖ ਬਹਾਨੇ ਲਗਾ ਕੇ ਕੱਚੇ ਮੁਲਾਜ਼ਮਾਂ ਨੂੰ ਪੱਕਾ ਕਰਨ ਤੋਂ ਟਾਲਾ ਵੱਟਿਆ ਜਾ ਰਿਹਾ ਹੈ।
ਆਮ ਸੂਚਨਾ
ਮੈਂ ਊਸ਼ਾ ਸਿੰਘ ਸਿਰੋਆ ਪੁੱਤਰ ਹਰਦੀਪ ਸਿੰਘ ਵਾਸੀ ਨੇੜੇ ਫਰਿਸ਼ਿਨਾਂ ਟਾਵਰ, ਨਵਾਂਗਰਾਉਂ, ਮੁਹਾਲੀ ਦਾ ਹਾਂ ਕਿ ਮੇਰਾ ਅਸਲੀ ਲਾਇਸੈਂਸ ਗੁੰਮ ਹੋ ਗਿਆ ਹੈ ਜਿਸ ਦਾ ਨੰਬਰ ਹੈ। ਜੇ ਕਿਸੇ ਨੂੰ ਮਿਲੇ ਤਾਂ ਉਕਤ ਪਤੇ ਤੇ ਪਹੁੰਚਾਉਣ ਦੀ ਖੇਚਲ ਕਰੇ। ਮੋਬਾਈਲ ਨੰਬਰ 7589030007
ਮੈਂ ਜਸਵੀਰ ਸਿੰਘ ਪੁੱਤਰ ਸੁਖਦੇਵ ਸਿੰਘ ਵਾਸੀ ਬਠਿੰਡਾ ਦਾ ਹਾਂ ਕਿ ਮੇਰਾ ਅਸਲੀ ਸਰਟੀਫਿਕੇਟ ਗੁੰਮ ਹੋ ਗਿਆ ਹੈ। ਜੇ ਕਿਸੇ ਨੂੰ ਮਿਲੇ ਤਾਂ ਮੇਰੇ ਨਾਲ ਸੰਪਰਕ ਕਰੇ।
ਦੀ ਭਜਨੀ ਪੰਜਾਬ ਫਿਰੋਜ਼ਪੁਰ ਸਹਿਕਾਰੀ ਬੈਂਕ ਲਿਮਟਿਡ ਦੀ ਚੋਣ ਮਿਤੀ 13/05/2025 (ਦਿਨ ਮੰਗਲਵਾਰ) ਅਤੇ 14/05/2025 (ਦਿਨ ਬੁੱਧਵਾਰ) ਨੂੰ ਹੋਵੇਗੀ। ਇਹ ਸੂਚਨਾ ਸਭਨਾਂ ਦੀ ਜਾਣਕਾਰੀ ਲਈ ਜਾਰੀ ਕੀਤੀ ਜਾਂਦੀ ਹੈ।
It is for general information that I, Sukhpreet Kaur W/o Gursewak Singh, resident of Village Bangal, Tehsil Abohar, Distt. Fazilka (Punjab) declare that the name of mine has been wrongly written as Sukhpreet in the 10th certificate of my son, Parminder Singh. The actual name of mine is Sukhpreet Kaur, which may be amended accordingly.
ਇਸ਼ਤਿਹਾਰਾਂ ਸਬੰਧੀ ਜ਼ਰੂਰੀ ਬੇਨਤੀ
'ਅਦਾਰਾ ਹੱਕ ਸੱਚ ਦਾ ਪਹਿਰੇਦਾਰ' ਅਖ਼ਬਾਰ ਵਿੱਚ ਛਪੇ ਡਿਸਪਲੇ ਇਸ਼ਤਿਹਾਰਾਂ ਅਤੇ ਕਲਾਸੀਫਾਈਡਾਂ ਦੇ ਤੱਥਾਂ ਦੀ ਕੋਈ ਜ਼ਿੰਮੇਵਾਰੀ ਨਹੀਂ ਲੈਂਦਾ। ਪਾਠਕਾਂ ਨੂੰ ਸਨਿਮਰ ਬੇਨਤੀ ਹੈ ਕਿ ਉਹ ਇਸ਼ਤਿਹਾਰਾਂ ਅਤੇ ਕਲਾਸੀਫਾਈਡਾਂ 'ਤੇ ਕਾਰਵਾਈ ਕਰਨ ਤੋਂ ਪਹਿਲਾ ਤੱਥਾਂ ਦੀ ਪੁਸ਼ਟੀ ਕਰ ਲੈਣ।
ਮੈਨੇਜਰ
Public Notice
We Mohinder Pal S/o Sh. Kashmiri Lal Residing at Mandi Gobindgarh Rahul Bansal S/o Sh. Anil Bansal Residing at Khanna, Love Bansal S/o Sh. Madan Lal and Kush Bansal S/o Sh. Madan Lal Residing at Chandigarh, Directors of M/s Bhambri Steels Pvt. Ltd. Village-Tooran, Amloh Road, Mandi Gobindgarh, District Fatehgarh Sahib have changed the name of our company from M/s Bhambri Steels Pvt. Ltd. to M/s Powersol Metalcraft Limited with effect from 22-01-2025 vide order of the registrar of Companies, Ministry of Corporate affairs, Government of India.
For Powersol Metalcraft Limited Sd/ Director
I, Honey Kumar S/o Narinder Kumar R/o Gopal Dev, Bathinda, do hereby give following public notice. That my original documents of house built on plot have been lost. The public is hereby informed not to transact with anyone on the basis of said documents.
Honey Kumar S/o Narinder Kumar Mob. 70099-63388
ਰਜਿਸਟਰਡ
ਇਹ ਕਿ ਮੇਰੀ ਜ਼ਮੀਨ ਸਬੰਧੀ ਦਸਤਾਵੇਜ਼ ਗੁੰਮ ਹੋ ਗਏ ਹਨ ਜਿਨ੍ਹਾਂ ਦੀ ਰਿਪੋਰਟ ਥਾਣੇ ਵਿੱਚ ਦਰਜ ਕਰਵਾਈ ਗਈ ਹੈ।
Public Notice
General public is hereby informed that the property documents have been misplaced. Anyone finding them may contact the undersigned.
ਪਬਲਿਕ ਨੋਟਿਸ
ਇਸ ਦੁਆਰਾ ਸੂਚਿਤ ਕੀਤਾ ਜਾਂਦਾ ਹੈ ਕਿ ਮਕਾਨ ਦੇ ਕਾਗਜ਼ਾਤ ਗੁੰਮ ਹੋ ਗਏ ਹਨ। ਕਿਸੇ ਨੂੰ ਮਿਲਣ ਤੇ ਹੇਠ ਲਿਖੇ ਪਤੇ ਤੇ ਸੰਪਰਕ ਕਰੋ।
ਈਮੇਲ: sbi.61078@sbi.co.in
ਸ਼ਹੀਦ ਗੁਰਿੰਦਰ ਸਿੰਘ ਸਰਕਾਰੀ ਸੀਨੀਅਰ ਸੈਕੰਡਰੀ ਸਮਾਰਟ ਸਕੂਲ, ਬੱਸੀਆਂ ਵਿਖੇ ਸਾਇੰਸ ਲੈਬਜ਼ ਦੀ ਨੀਂਹ ਰੱਖੀ
ਰਾਏਕੋਟ 4 ਮਈ (ਗੁਰਦਰਸ਼ਨ ਸਿੰਘ ਪ੍ਰਿੰਸ) ਇਲਾਕੇ ਦੀ ਨਾਮਵਰ ਸੰਸਥਾ ਸ਼ਹੀਦ ਗੁਰਿੰਦਰ ਸਿੰਘ ਸਰਕਾਰੀ ਸੀਨੀਅਰ ਸੈਕੰਡਰੀ ਸਮਾਰਟ ਸਕੂਲ, ਬੱਸੀਆਂ ਵਿਖੇ ਸਾਇੰਸ ਲੈਬਜ਼ ਦੀ ਨੀਂਹ ਪੱਥਰ ਹਲਕਾ ਵਿਧਾਇਕ ਹਾਕਮ ਸਿੰਘ ਠੇਕੇਦਾਰ ਵੱਲੋਂ ਰੱਖਿਆ ਗਿਆ। ਇਸ ਮੌਕੇ ਉਹਨਾਂ ਕਿਹਾ ਕਿ ਪੰਜਾਬ ਸਰਕਾਰ ਵੱਲੋਂ ਸਿੱਖਿਆ ਕ੍ਰਾਂਤੀ ਤਹਿਤ ਸਕੂਲਾਂ ਦੀ ਨੁਹਾਰ ਬਦਲੀ ਜਾ ਰਹੀ ਹੈ। ਇਸ ਮੌਕੇ ਪ੍ਰਿੰਸੀਪਲ, ਸਟਾਫ਼ ਮੈਂਬਰ, ਪਿੰਡ ਦੇ ਪੰਚ ਸਰਪੰਚ ਅਤੇ ਪਤਵੰਤੇ ਸੱਜਣ ਹਾਜ਼ਰ ਸਨ। ਬੱਚਿਆਂ ਨੂੰ ਵਧੀਆ ਸਿੱਖਿਆ ਦੇਣਾ ਸਰਕਾਰ ਦੀ ਪਹਿਲ ਹੈ ਅਤੇ ਆਉਣ ਵਾਲੇ ਸਮੇਂ ਵਿੱਚ ਹੋਰ ਵੀ ਵਿਕਾਸ ਕਾਰਜ ਕਰਵਾਏ ਜਾਣਗੇ।
ਮੋਟਰ ਕੁਨੈਕਸ਼ਨ...
ਇੱਕ ਬਿਜਲੀ ਦੀ ਮੋਟਰ ਕੁਨੈਕਸ਼ਨ ਖਾਤਾ ਨੰ: KS-277 AP ਜੋ ਕਿ ਸ੍ਰੀ ਜੈਲ ਸਿੰਘ ਪੁੱਤਰ ਸ਼ਾਮ ਸਿੰਘ ਵਾਸੀ ਕਲਸੀਆਂ ਦੇ ਨਾਮ ਹੈ। ਇਸ ਕੁਨੈਕਸ਼ਨ ਨੂੰ ਉਸਦੇ ਵਾਰਸਾਂ ਦੇ ਨਾਮ ਤਬਦੀਲ ਕੀਤਾ ਜਾਣਾ ਹੈ। ਜੇਕਰ ਕਿਸੇ ਨੂੰ ਕੋਈ ਇਤਰਾਜ਼ ਹੋਵੇ ਤਾਂ 30 ਦਿਨਾਂ ਦੇ ਅੰਦਰ-ਅੰਦਰ ਦਫ਼ਤਰ ਨਾਲ ਸੰਪਰਕ ਕਰੇ।
ਮੈਂ ਦਲਜੀਤ ਸਿੰਘ ਪੁੱਤਰ ਸ: ਬਲਵਿੰਦਰ ਸਿੰਘ ਵਾਸੀ ਪਿੰਡ ਸਤਰ ਤਹਿ. ਤੇ ਜ਼ਿਲ੍ਹਾ ਤਰਨ ਤਾਰਨ ਸੂਚਿਤ ਕਰਦਾ ਹਾਂ ਕਿ ਟਿਊਬਵੈੱਲ ਕੁਨੈਕਸ਼ਨ ਖਾਤਾ ਨੰ: ਏ.ਪੀ.16-1313 ਜੋ ਕਿ ਮੇਰੇ ਦਾਦਾ ਜੀ ਦੇ ਨਾਮ ਤੇ ਹੈ, ਨੂੰ ਮੇਰੇ ਨਾਮ ਤਬਦੀਲ ਕਰਵਾਉਣਾ ਹੈ।
ਟਿਊਬਵੈੱਲ ਕੁਨੈਕਸ਼ਨ ਖਾਤਾ ਨੰਬਰ ਟੀ.6 1ਏ.ਪੀ.020686ਸੀ ਜੋ ਕਿ ਸ੍ਰੀ ਚਮਨ ਸਿੰਘ ਪੁੱਤਰ ਸ਼੍ਰੀ ਬਲਬੀਰ ਸਿੰਘ ਵਾਸੀ ਪਿੰਡ ਦੇ ਨਾਮ ਤੇ ਹੈ, ਨੂੰ ਤਬਦੀਲ ਕੀਤਾ ਜਾਣਾ ਹੈ। ਇਤਰਾਜ਼ ਹੋਵੇ ਤਾਂ ਦਫ਼ਤਰ ਨਾਲ ਸੰਪਰਕ ਕਰੋ।
ਹਰ ਆਮ ਤੇ ਖਾਸ ਨੂੰ ਸੂਚਿਤ ਕੀਤਾ ਜਾਂਦਾ ਹੈ ਕਿ ਹਰਦੀਪ ਸਿੰਘ ਪੁੱਤਰ ਜਗਤਾਰ ਸਿੰਘ ਵਾਸੀ ਫਤਿਹਗੜ੍ਹ ਨਿਊਆਂ ਵੱਲੋਂ ਮੋਟਰ ਟਿਊਬਵੈੱਲ ਕੁਨੈਕਸ਼ਨ ਖਾਤਾ ਨੰ: ਏ.ਪੀ. 170872 ਜੋ ਕਿ ਕੇਵਲ ਸਿੰਘ ਪੁੱਤਰ ਕਿਸ਼ਨ ਸਿੰਘ ਦੇ ਨਾਮ ਹੈ, ਨੂੰ ਆਪਣੇ ਨਾਮ ਕਰਵਾਉਣ ਲਈ ਅਰਜ਼ੀ ਦਿੱਤੀ ਹੈ।
ਹਰ ਆਮ ਤੇ ਖਾਸ ਨੂੰ ਸੂਚਿਤ ਕੀਤਾ ਜਾਂਦਾ ਹੈ ਕਿ ਜਗਦੀਪ ਸਿੰਘ ਪੁੱਤਰ ਗੁਰਚਰਨ ਸਿੰਘ ਵਾਸੀ ਬੁੱਢਾ ਥੇਹ ਵੱਲੋਂ ਮੋਟਰ ਟਿਊਬਵੈੱਲ ਕੁਨੈਕਸ਼ਨ ਖਾਤਾ ਨੰ: ਏ.ਪੀ. 110839 ਨੂੰ ਆਪਣੇ ਨਾਮ ਤਬਦੀਲ ਕਰਵਾਉਣਾ ਹੈ।
ਹਰ ਆਮ ਤੇ ਖਾਸ ਨੂੰ ਸੂਚਿਤ ਕੀਤਾ ਜਾਂਦਾ ਹੈ ਕਿ ਹਰਪਾਲ ਸਿੰਘ ਪੁੱਤਰ ਅਨੂਪ ਸਿੰਘ ਵਾਸੀ ਫਤਿਹਗੜ੍ਹ ਵੱਲੋਂ ਮੋਟਰ ਟਿਊਬਵੈੱਲ ਕੁਨੈਕਸ਼ਨ ਖਾਤਾ ਨੰ: ਏ.ਪੀ. 440380 ਨੂੰ ਤਬਦੀਲ ਕਰਵਾਉਣਾ ਹੈ। ਇਤਰਾਜ਼ ਹੋਵੇ ਤਾਂ 15 ਦਿਨਾਂ ਅੰਦਰ ਦੱਸੋ।
ਵੱਲੋਂ: ਸਹਾਇਕ ਕਾਰਜਕਾਰੀ ਇੰਜੀਨੀਅਰ, ਪੰਜਾਬ ਸਟੇਟ ਪਾਵਰ ਕਾਰਪੋਰੇਸ਼ਨ ਲਿਮਟਿਡ, ਵੰਡ ਉਪ ਮੰਡਲ ਭੜੀ।
ਇਸ਼ਤਿਹਾਰ ਅਤੇ ਕਲਾਸੀਫਾਈਡ ਕੇਵਲ ਅਦਾਰਾ 'ਪਹਿਰੇਦਾਰ' ਦੀ ਈ-ਮੇਲ	rozanapehredaradvt@gmail.com 'ਤੇ ਹੀ ਭੇਜੇ ਜਾਣ।
